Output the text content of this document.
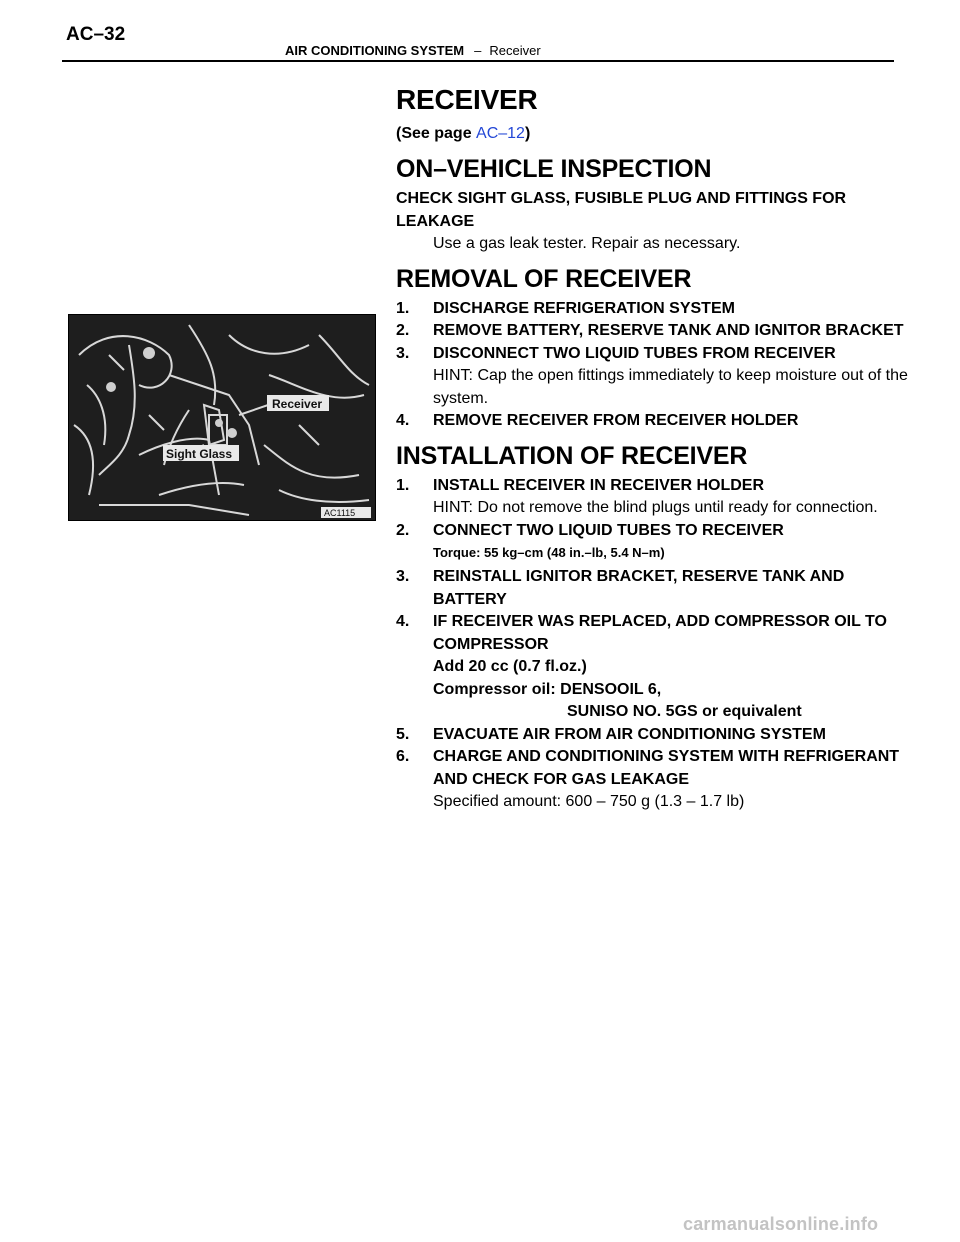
AC–32
AIR CONDITIONING SYSTEM – Receiver
Receiver
Sight Glass
AC1115
RECEIVER
(See page AC–12)
ON–VEHICLE INSPECTION
CHECK SIGHT GLASS, FUSIBLE PLUG AND FITTINGS FOR LEAKAGE
Use a gas leak tester. Repair as necessary.
REMOVAL OF RECEIVER
1.	DISCHARGE REFRIGERATION SYSTEM
2.	REMOVE BATTERY, RESERVE TANK AND IGNITOR BRACKET
3.	DISCONNECT TWO LIQUID TUBES FROM RECEIVER
HINT: Cap the open fittings immediately to keep moisture out of the system.
4.	REMOVE RECEIVER FROM RECEIVER HOLDER
INSTALLATION OF RECEIVER
1.	INSTALL RECEIVER IN RECEIVER HOLDER
HINT: Do not remove the blind plugs until ready for connection.
2.	CONNECT TWO LIQUID TUBES TO RECEIVER
Torque: 55 kg–cm (48 in.–lb, 5.4 N–m)
3.	REINSTALL IGNITOR BRACKET, RESERVE TANK AND BATTERY
4.	IF RECEIVER WAS REPLACED, ADD COMPRESSOR OIL TO COMPRESSOR
Add 20 cc (0.7 fl.oz.)
Compressor oil: DENSOOIL 6,
SUNISO NO. 5GS or equivalent
5.	EVACUATE AIR FROM AIR CONDITIONING SYSTEM
6.	CHARGE AND CONDITIONING SYSTEM WITH REFRIGERANT AND CHECK FOR GAS LEAKAGE
Specified amount: 600 – 750 g (1.3 – 1.7 lb)
carmanualsonline.info
